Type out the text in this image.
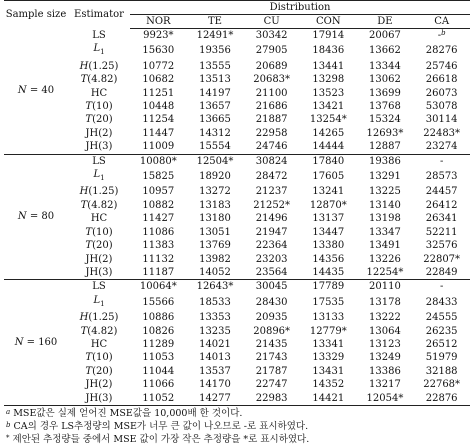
Sample size	Estimator	Distribution					
		NOR	TE	CU	CON	DE	CA
N = 40	LS	9923*	12491*	30342	17914	20067	-$^b$
	$L_1$	15630	19356	27905	18436	13662	28276
	H(1.25)	10772	13555	20689	13441	13344	25746
	T(4.82)	10682	13513	20683*	13298	13062	26618
	HC	11251	14197	21100	13523	13699	26073
	T(10)	10448	13657	21686	13421	13768	53078
	T(20)	11254	13665	21887	13254*	15324	30114
	JH(2)	11447	14312	22958	14265	12693*	22483*
	JH(3)	11009	15554	24746	14444	12887	23274
N = 80	LS	10080*	12504*	30824	17840	19386	-
	$L_1$	15825	18920	28472	17605	13291	28573
	H(1.25)	10957	13272	21237	13241	13225	24457
	T(4.82)	10882	13183	21252*	12870*	13140	26412
	HC	11427	13180	21496	13137	13198	26341
	T(10)	11086	13051	21947	13447	13347	52211
	T(20)	11383	13769	22364	13380	13491	32576
	JH(2)	11132	13982	23203	14356	13226	22807*
	JH(3)	11187	14052	23564	14435	12254*	22849
N = 160	LS	10064*	12643*	30045	17789	20110	-
	$L_1$	15566	18533	28430	17535	13178	28433
	H(1.25)	10886	13353	20935	13133	13222	24555
	T(4.82)	10826	13235	20896*	12779*	13064	26235
	HC	11289	14021	21435	13341	13123	26512
	T(10)	11053	14013	21743	13329	13249	51979
	T(20)	11044	13537	21787	13431	13386	32188
	JH(2)	11066	14170	22747	14352	13217	22768*
	JH(3)	11052	14277	22983	14421	12054*	22876
$^a$ MSE값은 실제 얻어진 MSE값을 10,000배 한 것이다.
$^b$ CA의 경우 LS추정량의 MSE가 너무 큰 값이 나오므로 -로 표시하였다.
* 제안된 추정량들 중에서 MSE 값이 가장 작은 추정량을 *로 표시하였다.
